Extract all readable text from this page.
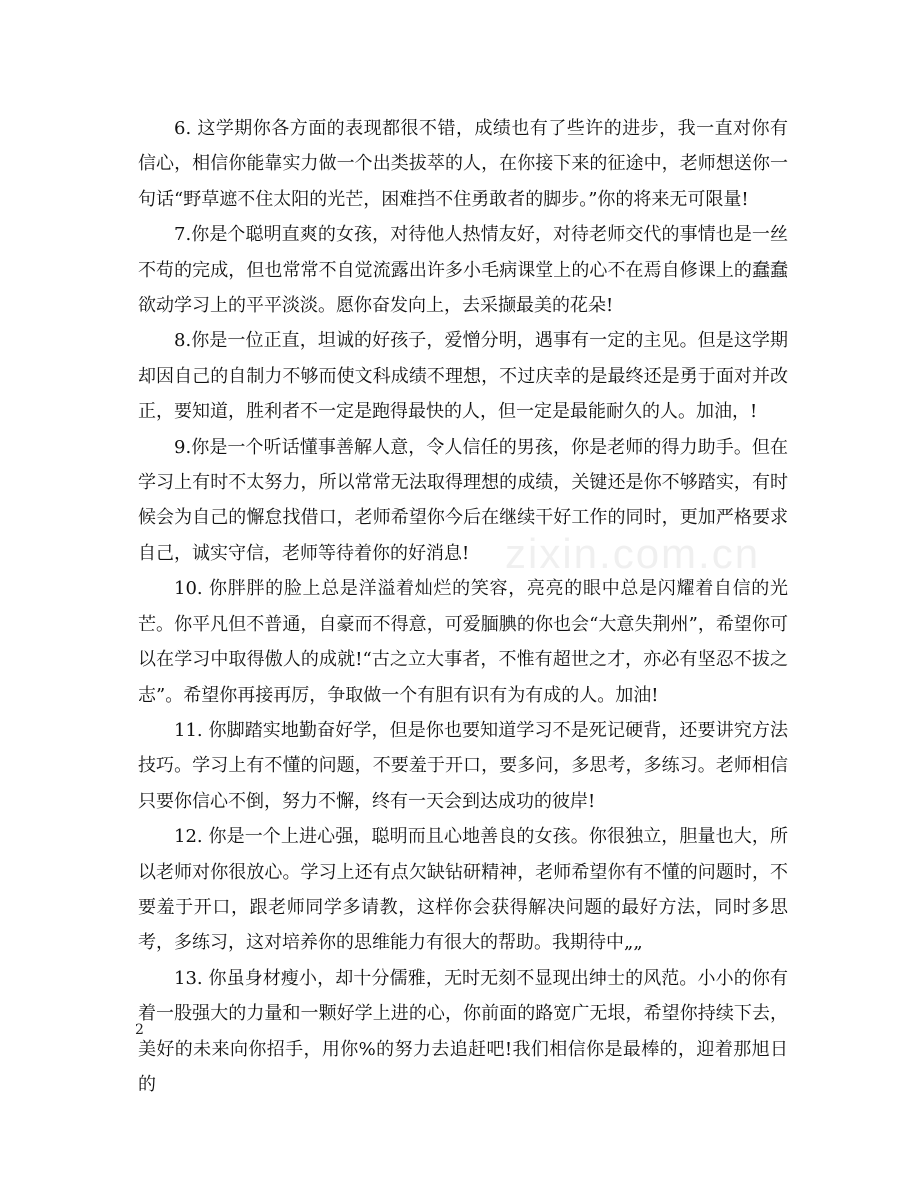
zixin.com.cn

6. 这学期你各方面的表现都很不错，成绩也有了些许的进步，我一直对你有信心，相信你能靠实力做一个出类拔萃的人，在你接下来的征途中，老师想送你一句话“野草遮不住太阳的光芒，困难挡不住勇敢者的脚步。”你的将来无可限量!

7.你是个聪明直爽的女孩，对待他人热情友好，对待老师交代的事情也是一丝不苟的完成，但也常常不自觉流露出许多小毛病课堂上的心不在焉自修课上的蠢蠢欲动学习上的平平淡淡。愿你奋发向上，去采撷最美的花朵!

8.你是一位正直，坦诚的好孩子，爱憎分明，遇事有一定的主见。但是这学期却因自己的自制力不够而使文科成绩不理想，不过庆幸的是最终还是勇于面对并改正，要知道，胜利者不一定是跑得最快的人，但一定是最能耐久的人。加油，!

9.你是一个听话懂事善解人意，令人信任的男孩，你是老师的得力助手。但在学习上有时不太努力，所以常常无法取得理想的成绩，关键还是你不够踏实，有时候会为自己的懈怠找借口，老师希望你今后在继续干好工作的同时，更加严格要求自己，诚实守信，老师等待着你的好消息!

10. 你胖胖的脸上总是洋溢着灿烂的笑容，亮亮的眼中总是闪耀着自信的光芒。你平凡但不普通，自豪而不得意，可爱腼腆的你也会“大意失荆州”，希望你可以在学习中取得傲人的成就!“古之立大事者，不惟有超世之才，亦必有坚忍不拔之志”。希望你再接再厉，争取做一个有胆有识有为有成的人。加油!

11. 你脚踏实地勤奋好学，但是你也要知道学习不是死记硬背，还要讲究方法技巧。学习上有不懂的问题，不要羞于开口，要多问，多思考，多练习。老师相信只要你信心不倒，努力不懈，终有一天会到达成功的彼岸!

12. 你是一个上进心强，聪明而且心地善良的女孩。你很独立，胆量也大，所以老师对你很放心。学习上还有点欠缺钻研精神，老师希望你有不懂的问题时，不要羞于开口，跟老师同学多请教，这样你会获得解决问题的最好方法，同时多思考，多练习，这对培养你的思维能力有很大的帮助。我期待中„„

13. 你虽身材瘦小，却十分儒雅，无时无刻不显现出绅士的风范。小小的你有着一股强大的力量和一颗好学上进的心，你前面的路宽广无垠，希望你持续下去，美好的未来向你招手，用你%的努力去追赶吧!我们相信你是最棒的，迎着那旭日的

2
